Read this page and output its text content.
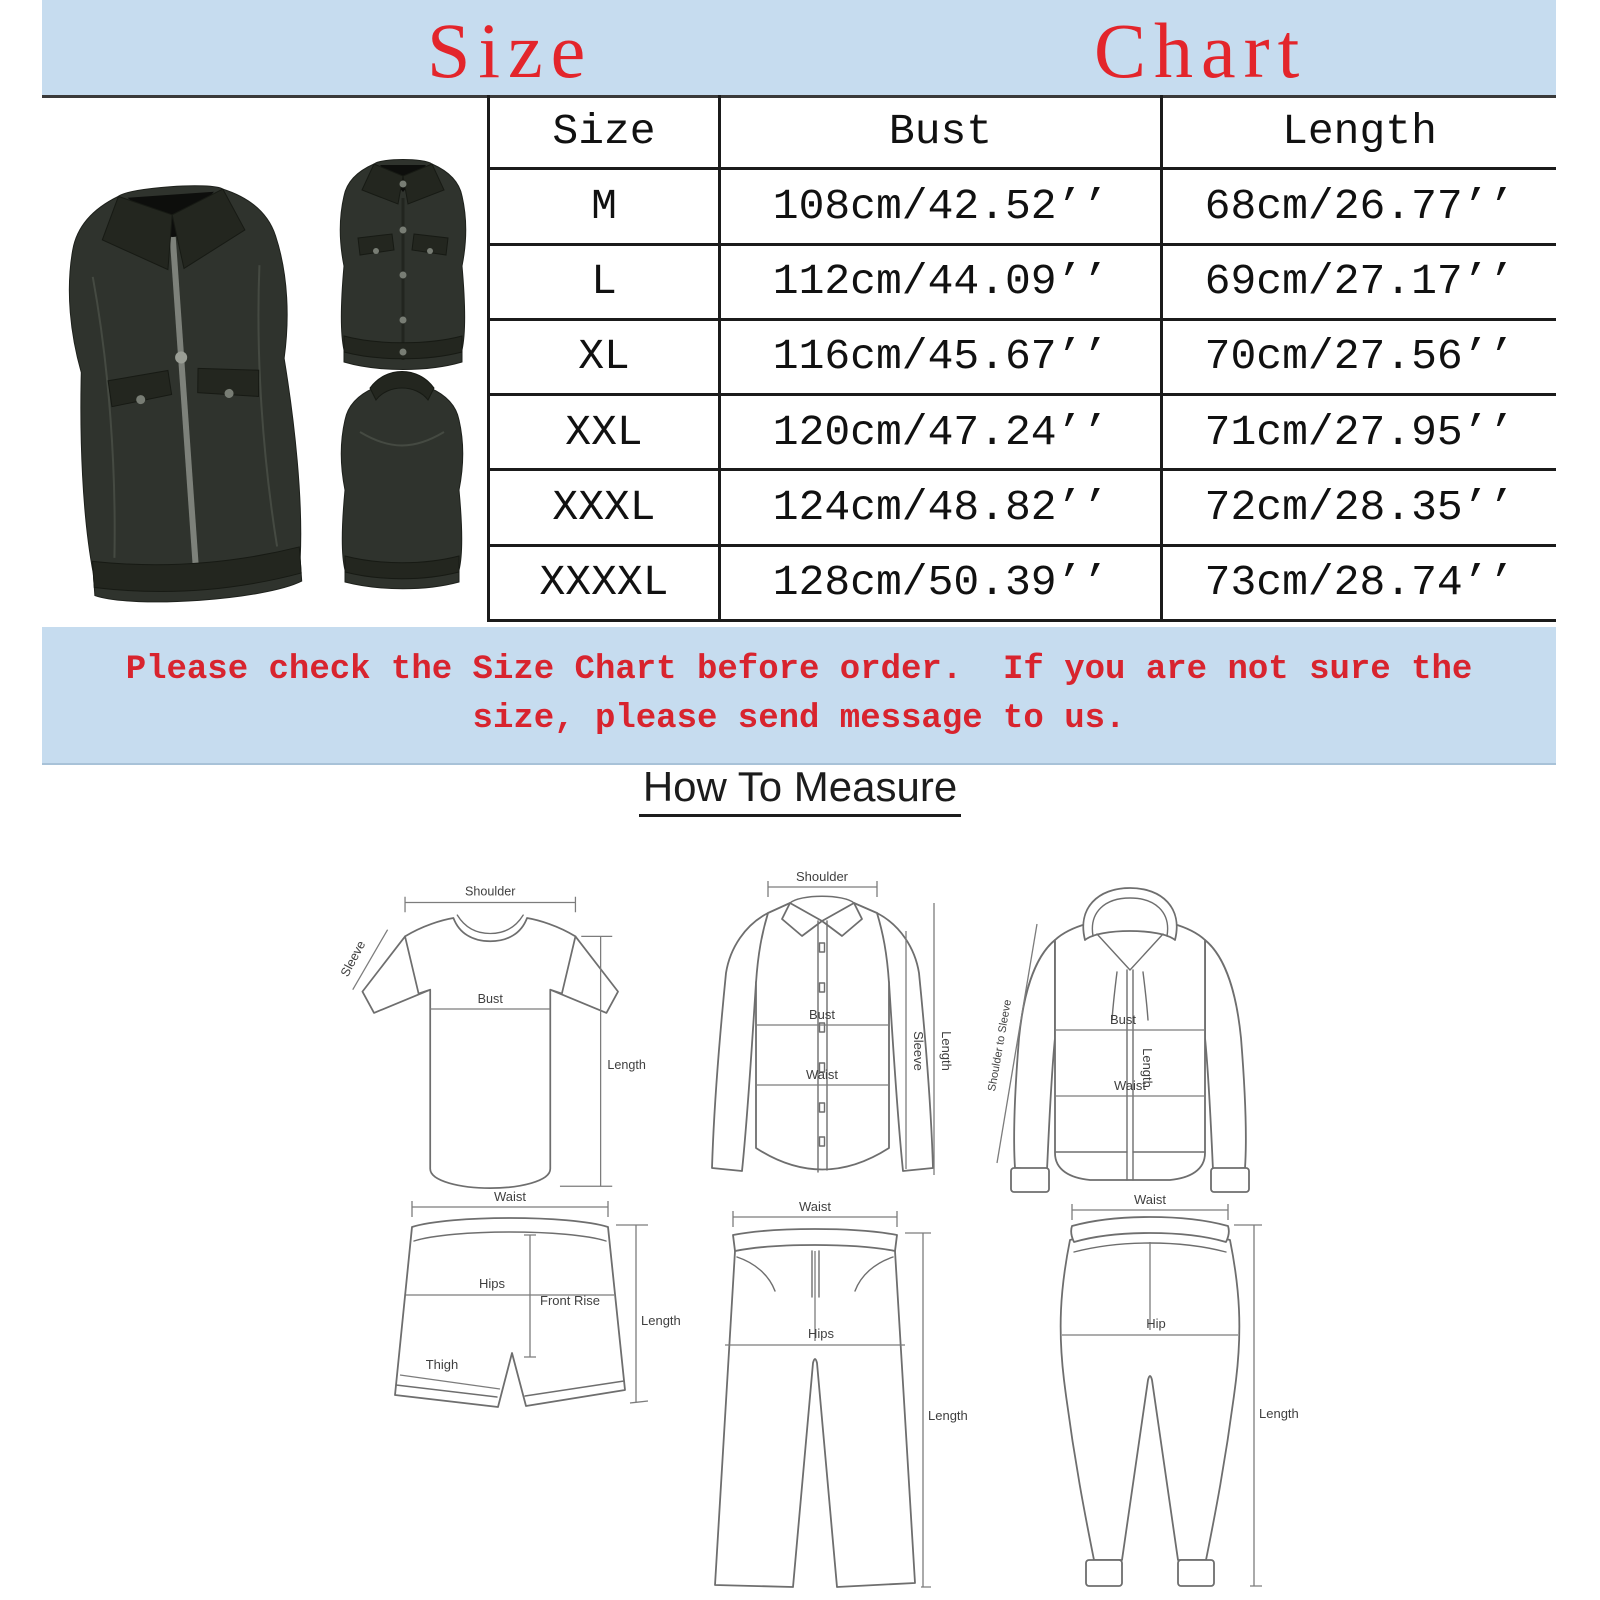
Size	Chart
Size	Bust	Length
M	108cm/42.52’’	68cm/26.77’’
L	112cm/44.09’’	69cm/27.17’’
XL	116cm/45.67’’	70cm/27.56’’
XXL	120cm/47.24’’	71cm/27.95’’
XXXL	124cm/48.82’’	72cm/28.35’’
XXXXL	128cm/50.39’’	73cm/28.74’’
Please check the Size Chart before order.  If you are not sure the
size, please send message to us.
How To Measure
Shoulder
Sleeve
Bust
Length
Shoulder
Bust
Waist
Sleeve Length	Shoulder to Sleeve	Bust
Length
Waist
Waist
Hips
Front Rise
Thigh
Length
Waist
Hips
Length
Waist
Hip
Length
